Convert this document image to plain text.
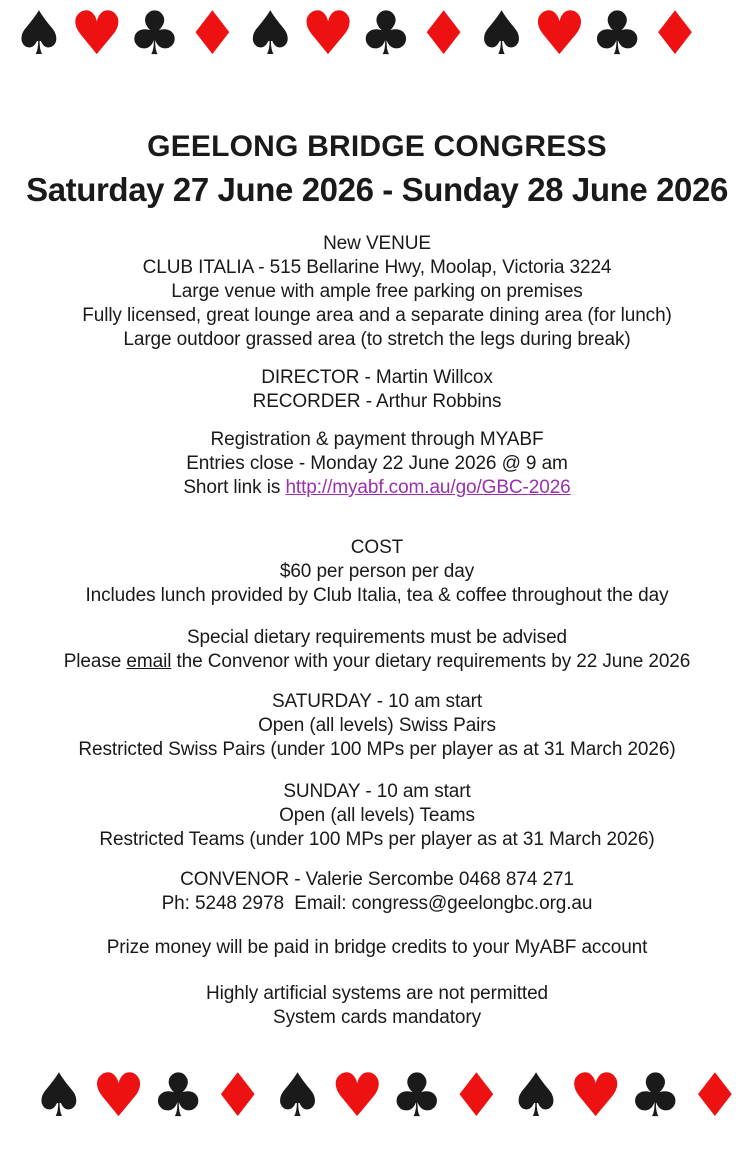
♠ ♥ ♣ ♦ ♠ ♥ ♣ ♦ ♠ ♥ ♣ ♦
GEELONG BRIDGE CONGRESS
Saturday 27 June 2026 - Sunday 28 June 2026
New VENUE
CLUB ITALIA - 515 Bellarine Hwy, Moolap, Victoria 3224
Large venue with ample free parking on premises
Fully licensed, great lounge area and a separate dining area (for lunch)
Large outdoor grassed area (to stretch the legs during break)
DIRECTOR - Martin Willcox
RECORDER - Arthur Robbins
Registration & payment through MYABF
Entries close - Monday 22 June 2026 @ 9 am
Short link is http://myabf.com.au/go/GBC-2026
COST
$60 per person per day
Includes lunch provided by Club Italia, tea & coffee throughout the day
Special dietary requirements must be advised
Please email the Convenor with your dietary requirements by 22 June 2026
SATURDAY - 10 am start
Open (all levels) Swiss Pairs
Restricted Swiss Pairs (under 100 MPs per player as at 31 March 2026)
SUNDAY - 10 am start
Open (all levels) Teams
Restricted Teams (under 100 MPs per player as at 31 March 2026)
CONVENOR - Valerie Sercombe 0468 874 271
Ph: 5248 2978  Email: congress@geelongbc.org.au
Prize money will be paid in bridge credits to your MyABF account
Highly artificial systems are not permitted
System cards mandatory
♠ ♥ ♣ ♦ ♠ ♥ ♣ ♦ ♠ ♥ ♣ ♦
